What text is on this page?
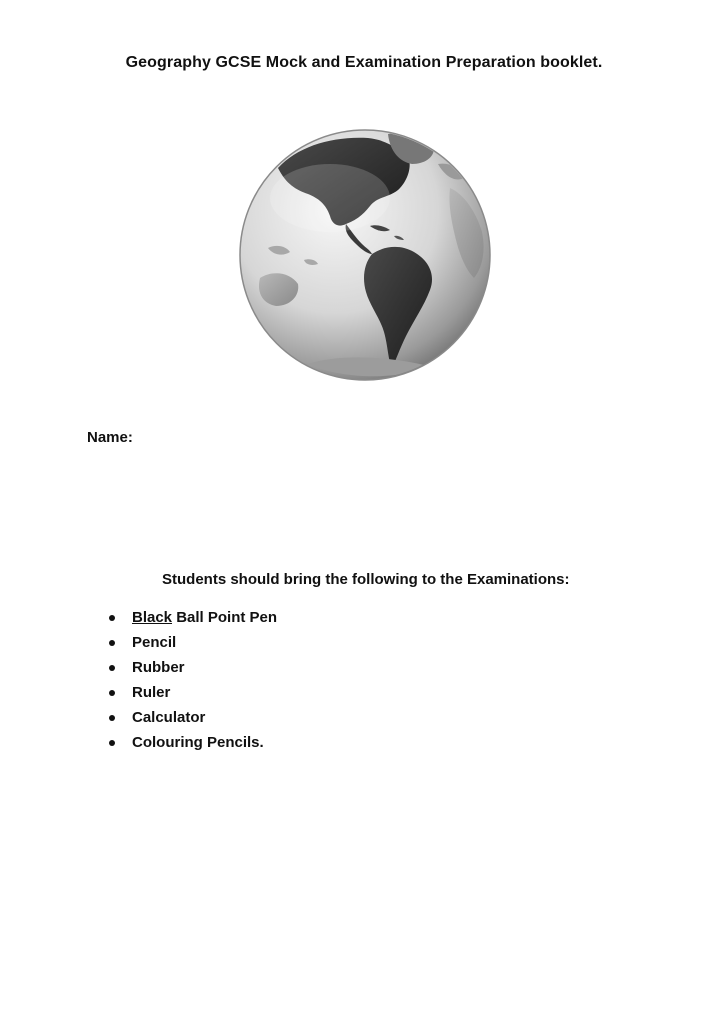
Geography GCSE Mock and Examination Preparation booklet.
Name:
Students should bring the following to the Examinations:
Black Ball Point Pen
Pencil
Rubber
Ruler
Calculator
Colouring Pencils.
